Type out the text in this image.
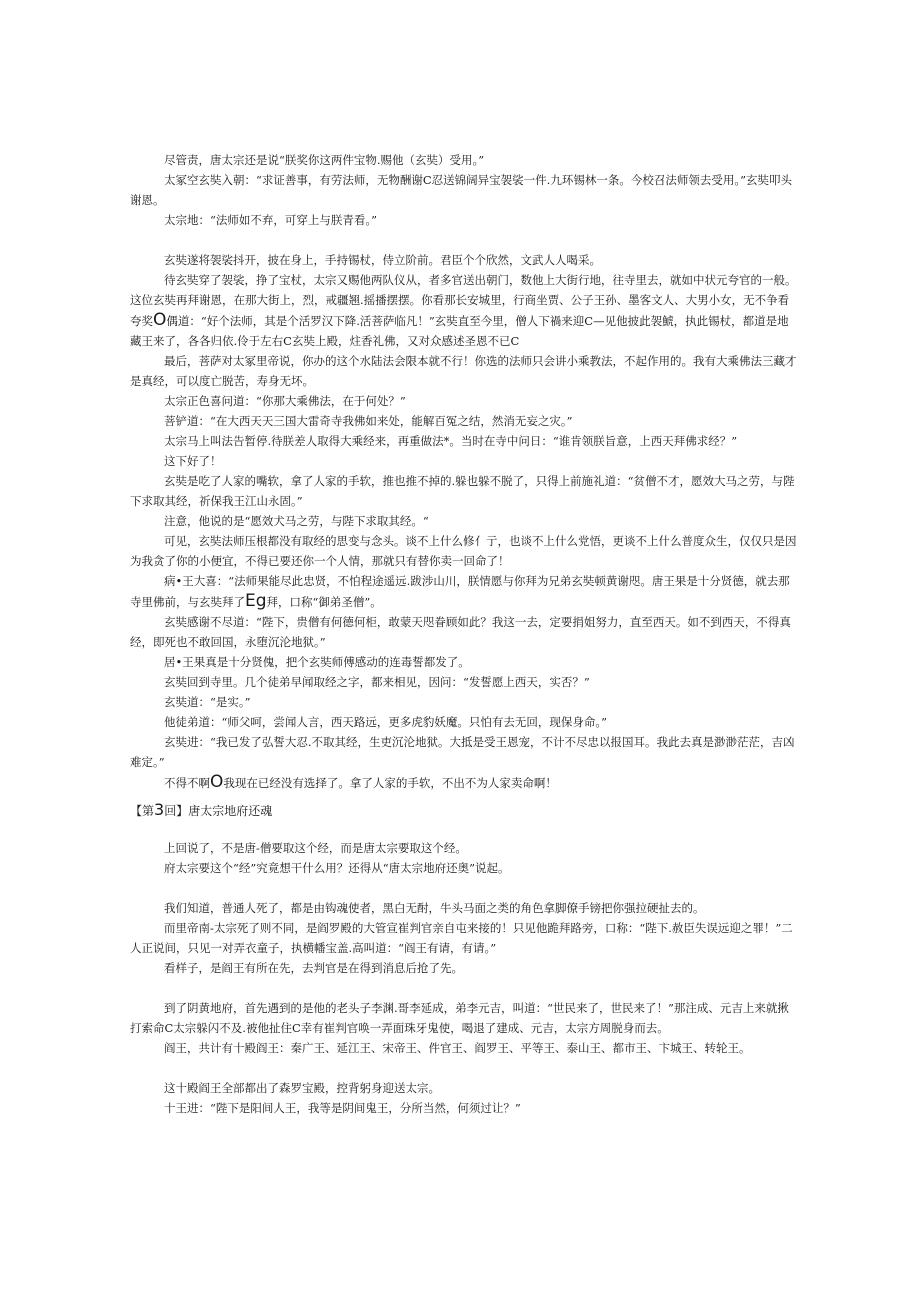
尽管责，唐太宗还是说“朕奖你这两件宝物.赐他（玄奘）受用。”

太冢空玄奘入朝：“求证善事，有劳法师，无物酬谢C忍送锦阔异宝袈裟一件.九环锡林一条。今校召法师领去受用。”玄奘叩头谢恩。

太宗地：“法师如不弃，可穿上与朕青看。”

玄奘遂将袈裟抖开，披在身上，手持锡杖，侍立阶前。君臣个个欣然，文武人人喝采。

待玄奘穿了袈裟，挣了宝杖，太宗又赐他两队仪从，者多官送出朝门，数他上大街行地，往寺里去，就如中状元夸官的一般。这位玄奘再拜谢恩，在那大街上，烈，戒疆翘.摇播摆摆。你看那长安城里，行商坐贾、公子王孙、墨客文人、大男小女，无不争看夸奖O偶道：“好个法师，其是个活罗汉下降.活菩萨临凡！”玄奘直至今里，僧人下禍来迎C—见他披此袈鯱，执此锡杖，都道是地藏王来了，各各归依.伶于左右C玄奘上殿，炷香礼佛，又对众感述圣恩不已C

最后，菩萨对太冢里帝说，你办的这个水陆法会限本就不行！你选的法师只会讲小乘教法，不起作用的。我有大乘佛法三藏才是真经，可以度亡脱苦，寿身无坏。

太宗正色喜问道：“你那大乘佛法，在于何处？”

菩铲道：“在大西天天三国大雷奇寺我佛如来处，能解百冤之结，然消无妄之灾。”

太宗马上叫法告暂停.待朕差人取得大乘经来，再重做法*。当时在寺中问日：“谁肯领朕旨意，上西天拜佛求经？”

这下好了！

玄奘是吃了人家的嘴软，拿了人家的手软，推也推不掉的.躲也躲不脱了，只得上前施礼道：“贫僧不才，愿效大马之劳，与陛下求取其经，祈保我王江山永固。”

注意，他说的是“愿效犬马之劳，与陛下求取其经。“

可见，玄奘法师压根都没有取经的思变与念头。谈不上什么修亻亍，也谈不上什么党悟，更谈不上什么普度众生，仅仅只是因为我贪了你的小便宜，不得已要还你一个人情，那就只有替你卖一回命了！

病•王大喜：“法师果能尽此忠贤，不怕程途遥远.跋涉山川，朕情愿与你拜为兄弟玄奘顿黄谢咫。唐王果是十分贤德，就去那寺里佛前，与玄奘拜了Eg拜，口称“御弟圣僧”。

玄奘感谢不尽道：“陛下，贵僧有何德何柜，敢蒙天咫眷顾如此？我这一去，定要捐姐努力，直至西天。如不到西天，不得真经，即死也不敢回国，永堕沉沦地狱。”

居•王果真是十分贤傀，把个玄奘师傅感动的连毒誓都发了。

玄奘回到寺里。几个徒弟早闻取经之字，都来相见，因问：“发誓愿上西天，实否？”

玄奘道：“是实。”

他徒弟道：“师父呵，尝闻人言，西天路远，更多虎豹妖魔。只怕有去无回，现保身命。”

玄奘进：“我已发了弘誓大忍.不取其经，生吏沉沦地狱。大抵是受王恩宠，不计不尽忠以报国耳。我此去真是渺渺茫茫，吉凶难定。”

不得不啊O我现在已经没有选择了。拿了人家的手软，不出不为人家卖命啊！

【第3回】唐太宗地府还魂

上回说了，不是唐-僧要取这个经，而是唐太宗要取这个经。

府太宗要这个“经”究竟想干什么用？还得从“唐太宗地府还奥”说起。

我们知道，普通人死了，都是由钩魂使者，黑白无酎，牛头马面之类的角色拿脚僚手镑把你强拉硬扯去的。

而里帝南-太宗死了则不同，是阎罗殿的大管宣崔判官亲自屯来接的！只见他跪拜路旁，口称：“陛下.赦臣失误远迎之罪！”二人正说间，只见一对弄衣童子，执横幡宝盖.高叫道：“阎王有请，有请。”

看样子，是阎王有所在先，去判官是在得到消息后抢了先。

到了阴黄地府，首先遇到的是他的老头子李渊.哥李延成，弟李元吉，叫道：“世民来了，世民来了！”那注成、元吉上来就揪打索命C太宗躲闪不及.被他扯住C幸有崔判官唤一弄面珠牙鬼使，喝退了建成、元吉，太宗方周脱身而去。

阎王，共计有十殿阎王：秦广王、延江王、宋帝王、件官王、阎罗王、平等王、泰山王、都市王、卞城王、转轮王。

这十殿阎王全部都出了森罗宝殿，控背躬身迎送太宗。

十王进：“陛下是阳间人王，我等是阴间鬼王，分所当然，何须过让？”
